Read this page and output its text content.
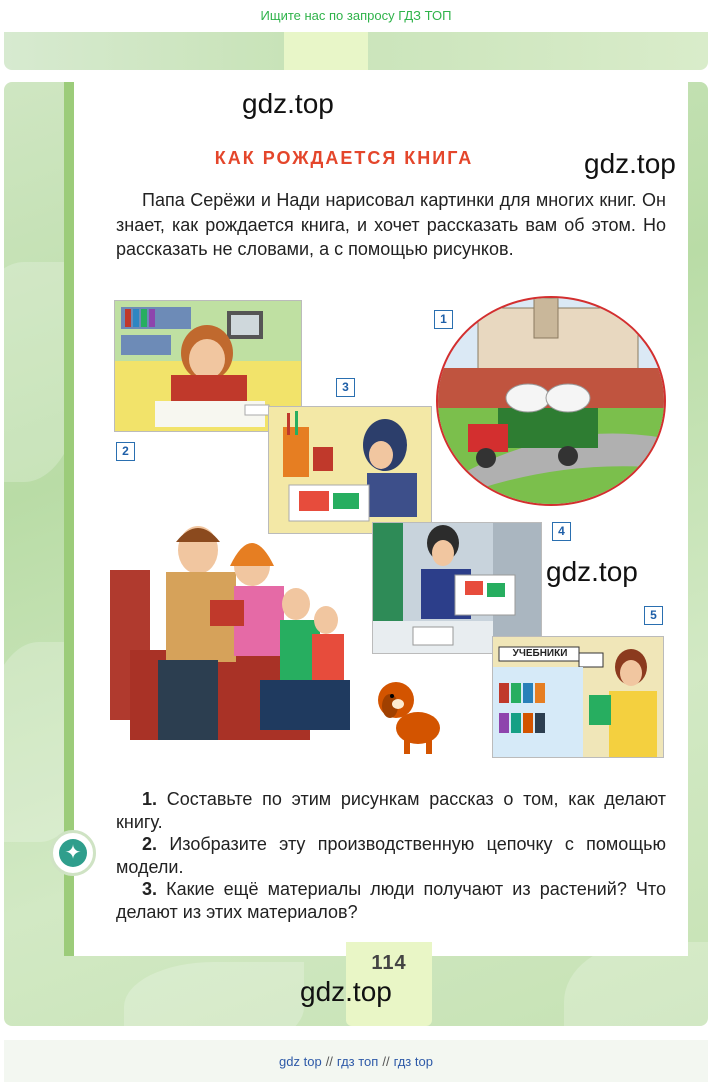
Ищите нас по запросу ГДЗ ТОП
gdz.top
gdz.top
КАК РОЖДАЕТСЯ КНИГА
Папа Серёжи и Нади нарисовал картинки для многих книг. Он знает, как рождается книга, и хочет рассказать вам об этом. Но рассказать не словами, а с помощью рисунков.
УЧЕБНИКИ
gdz.top
1
2
3
4
5

1. Составьте по этим рисункам рассказ о том, как делают книгу.

2. Изобразите эту производственную цепочку с помощью модели.

3. Какие ещё материалы люди получают из растений? Что делают из этих материалов?

✦
114
gdz.top
gdz top // гдз топ // гдз top
